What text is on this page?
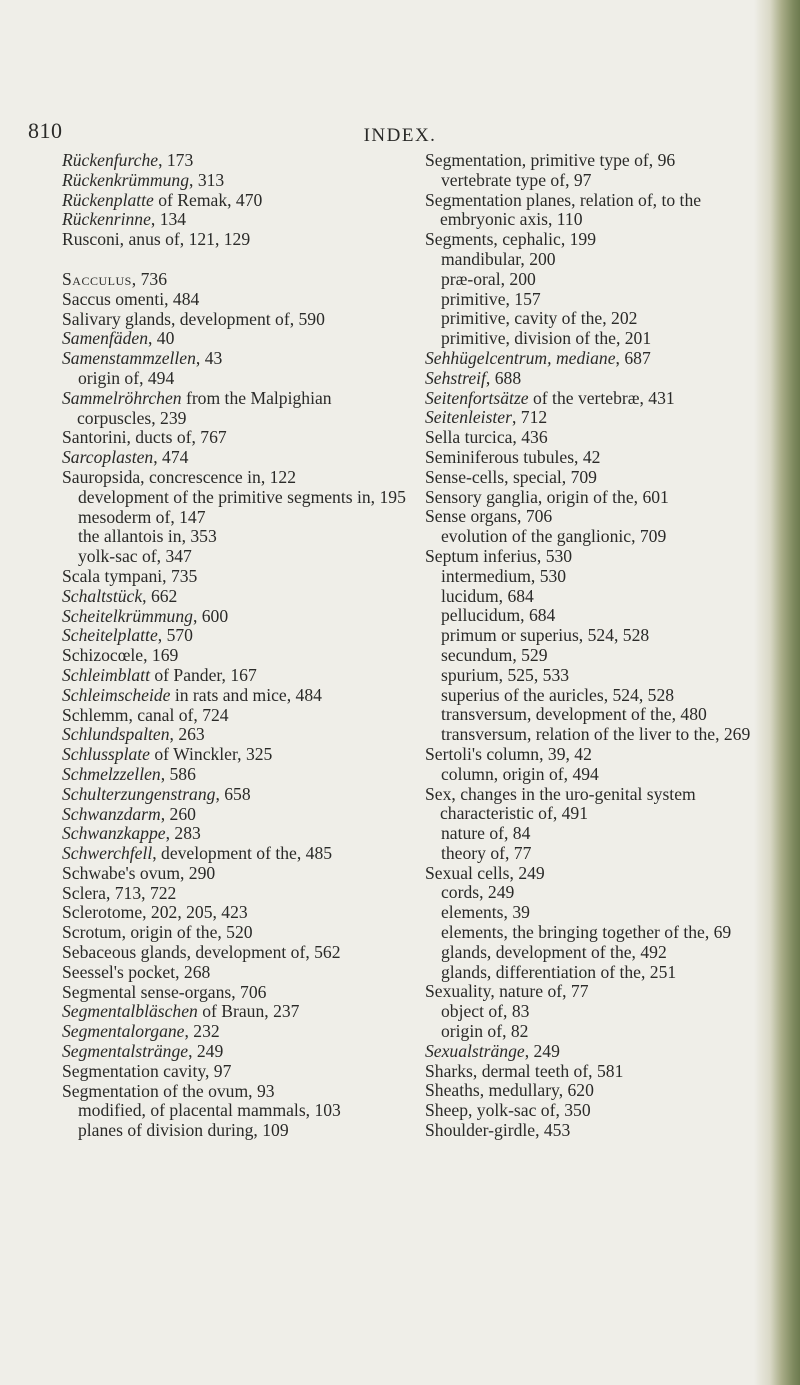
810	INDEX.
Rückenfurche, 173
Rückenkrümmung, 313
Rückenplatte of Remak, 470
Rückenrinne, 134
Rusconi, anus of, 121, 129
Sacculus, 736
Saccus omenti, 484
Salivary glands, development of, 590
Samenfäden, 40
Samenstammzellen, 43
origin of, 494
Sammelröhrchen from the Malpighian corpuscles, 239
Santorini, ducts of, 767
Sarcoplasten, 474
Sauropsida, concrescence in, 122
development of the primitive segments in, 195
mesoderm of, 147
the allantois in, 353
yolk-sac of, 347
Scala tympani, 735
Schaltstück, 662
Scheitelkrümmung, 600
Scheitelplatte, 570
Schizocœle, 169
Schleimblatt of Pander, 167
Schleimscheide in rats and mice, 484
Schlemm, canal of, 724
Schlundspalten, 263
Schlussplate of Winckler, 325
Schmelzzellen, 586
Schulterzungenstrang, 658
Schwanzdarm, 260
Schwanzkappe, 283
Schwerchfell, development of the, 485
Schwabe's ovum, 290
Sclera, 713, 722
Sclerotome, 202, 205, 423
Scrotum, origin of the, 520
Sebaceous glands, development of, 562
Seessel's pocket, 268
Segmental sense-organs, 706
Segmentalbläschen of Braun, 237
Segmentalorgane, 232
Segmentalstränge, 249
Segmentation cavity, 97
Segmentation of the ovum, 93
modified, of placental mammals, 103
planes of division during, 109
Segmentation, primitive type of, 96
vertebrate type of, 97
Segmentation planes, relation of, to the embryonic axis, 110
Segments, cephalic, 199
mandibular, 200
præ-oral, 200
primitive, 157
primitive, cavity of the, 202
primitive, division of the, 201
Sehhügelcentrum, mediane, 687
Sehstreif, 688
Seitenfortsätze of the vertebræ, 431
Seitenleister, 712
Sella turcica, 436
Seminiferous tubules, 42
Sense-cells, special, 709
Sensory ganglia, origin of the, 601
Sense organs, 706
evolution of the ganglionic, 709
Septum inferius, 530
intermedium, 530
lucidum, 684
pellucidum, 684
primum or superius, 524, 528
secundum, 529
spurium, 525, 533
superius of the auricles, 524, 528
transversum, development of the, 480
transversum, relation of the liver to the, 269
Sertoli's column, 39, 42
column, origin of, 494
Sex, changes in the uro-genital system characteristic of, 491
nature of, 84
theory of, 77
Sexual cells, 249
cords, 249
elements, 39
elements, the bringing together of the, 69
glands, development of the, 492
glands, differentiation of the, 251
Sexuality, nature of, 77
object of, 83
origin of, 82
Sexualstränge, 249
Sharks, dermal teeth of, 581
Sheaths, medullary, 620
Sheep, yolk-sac of, 350
Shoulder-girdle, 453
